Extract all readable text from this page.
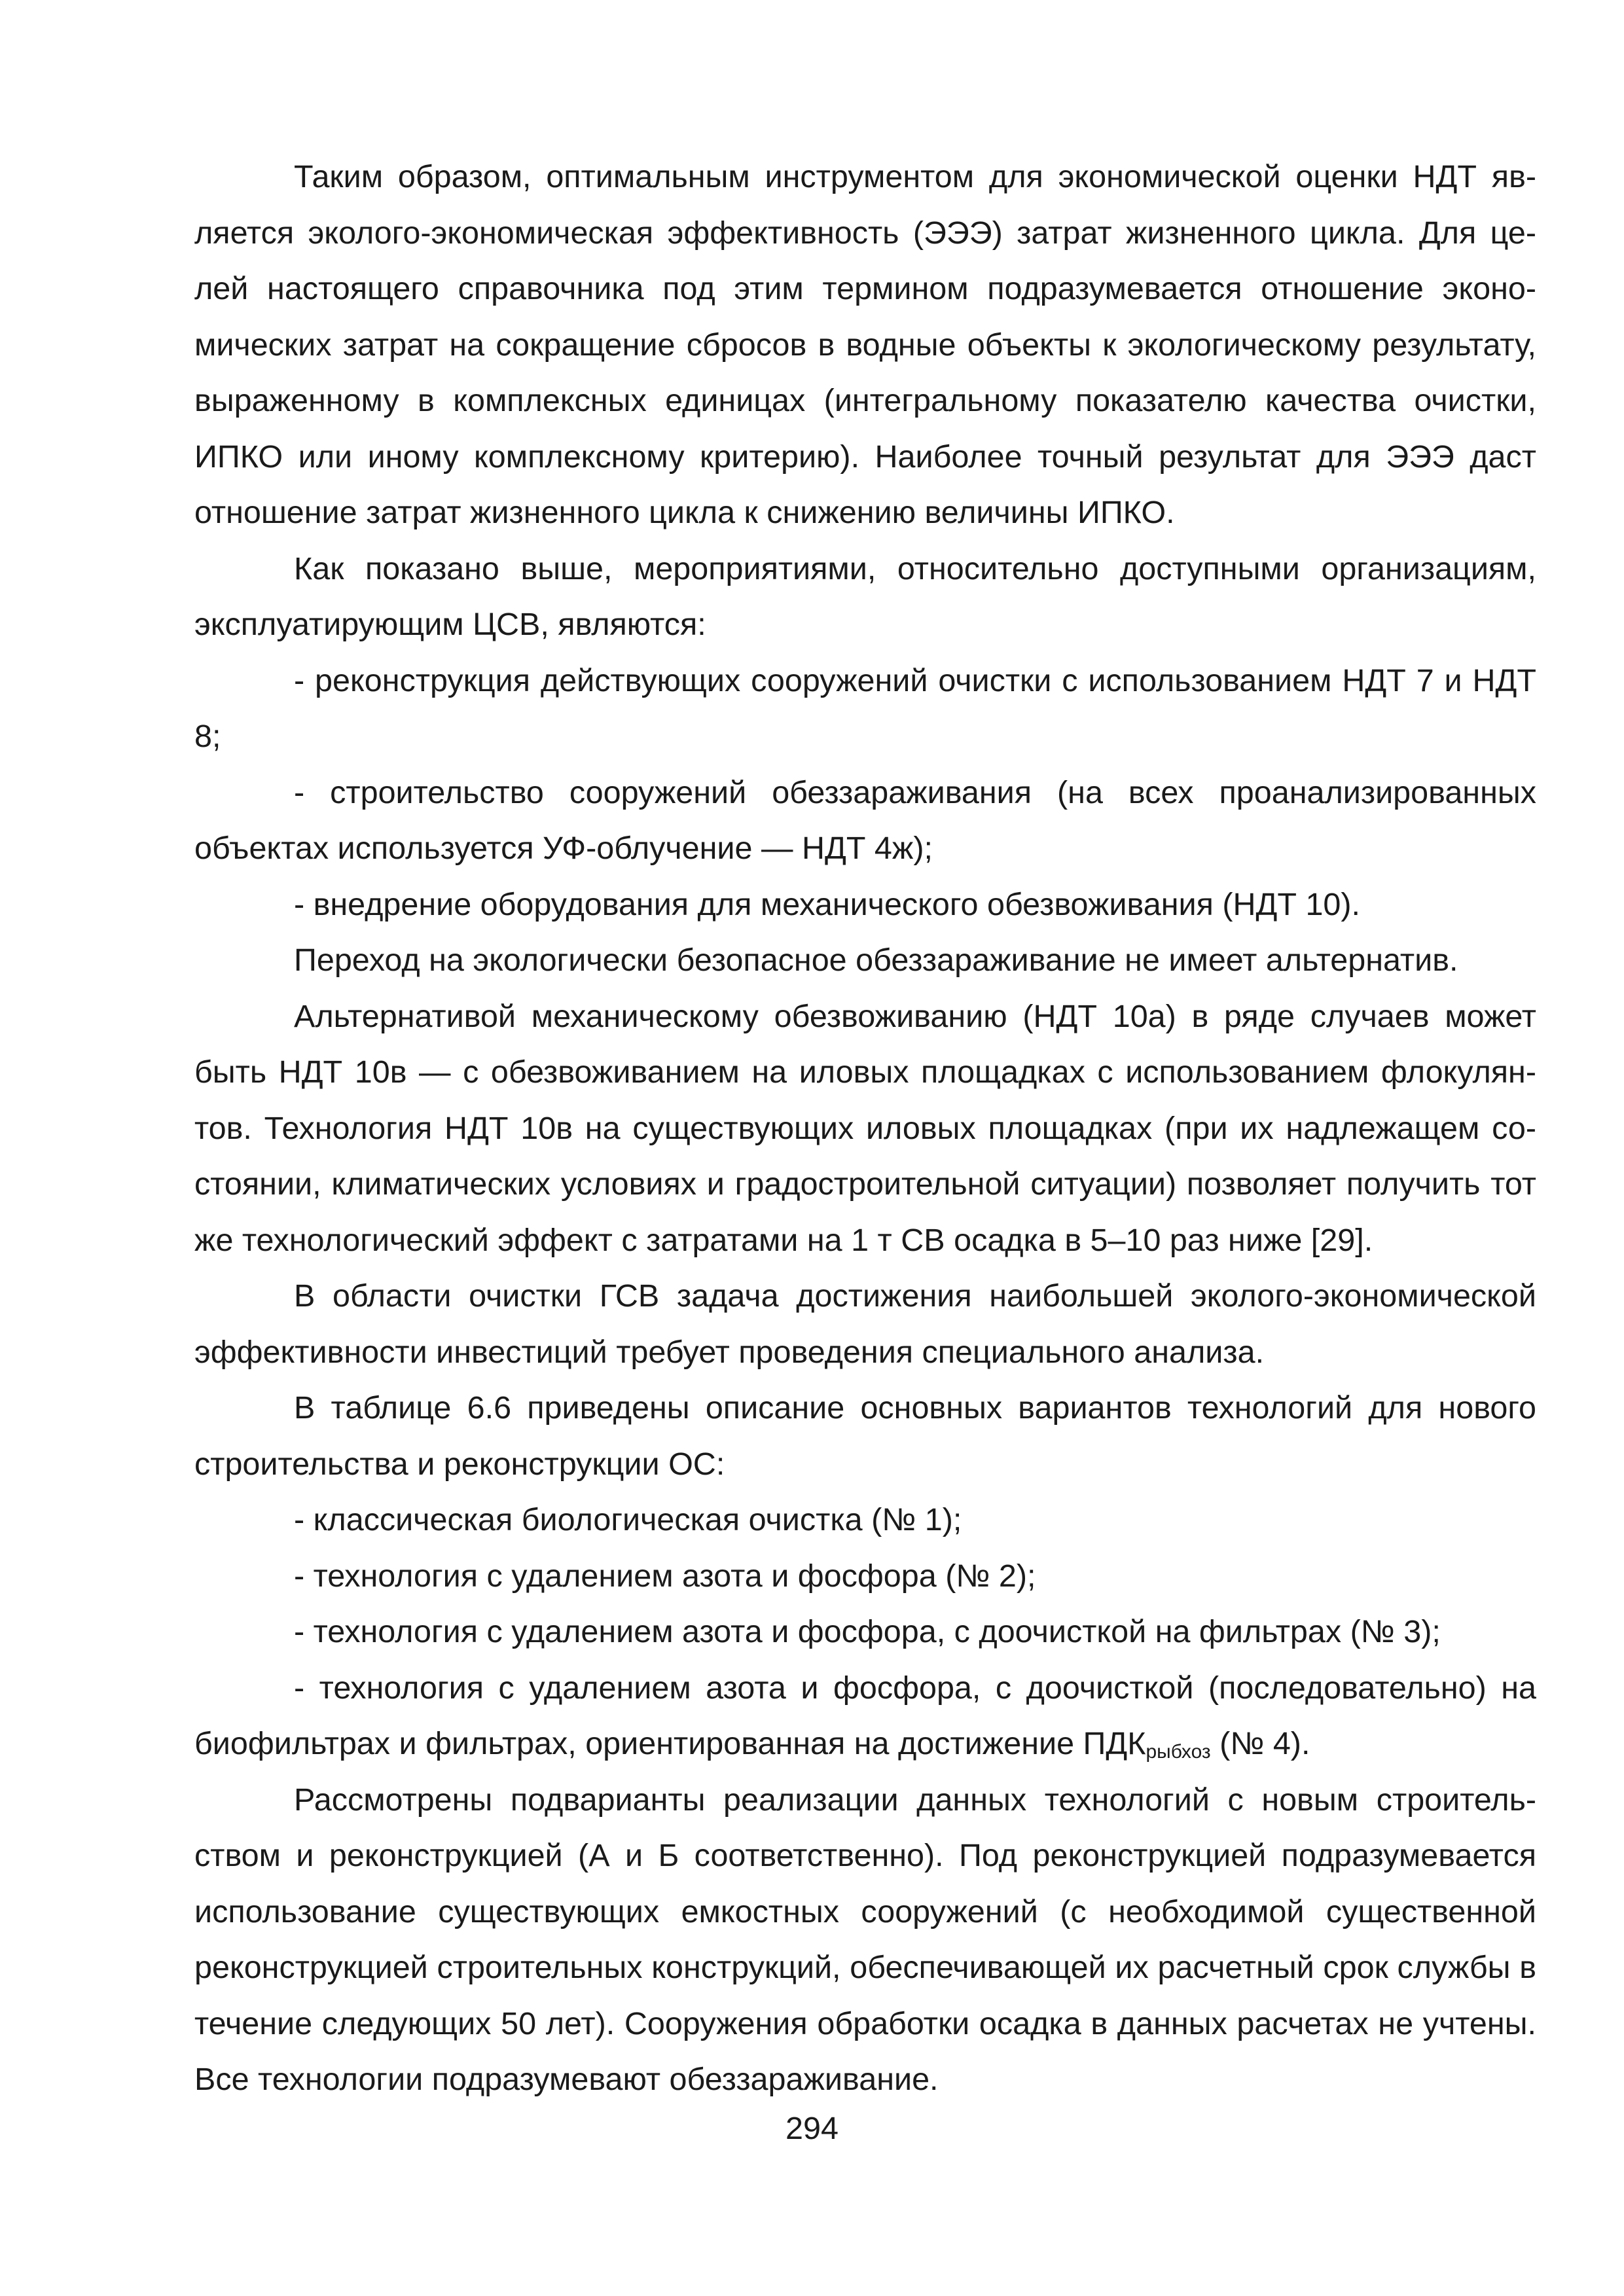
Таким образом, оптимальным инструментом для экономической оценки НДТ является эколого-экономическая эффективность (ЭЭЭ) затрат жизненного цикла. Для целей настоящего справочника под этим термином подразумевается отношение экономических затрат на сокращение сбросов в водные объекты к экологическому результату, выраженному в комплексных единицах (интегральному показателю качества очистки, ИПКО или иному комплексному критерию). Наиболее точный результат для ЭЭЭ даст отношение затрат жизненного цикла к снижению величины ИПКО.

Как показано выше, мероприятиями, относительно доступными организациям, эксплуатирующим ЦСВ, являются:

- реконструкция действующих сооружений очистки с использованием НДТ 7 и НДТ 8;

- строительство сооружений обеззараживания (на всех проанализированных объектах используется УФ-облучение — НДТ 4ж);

- внедрение оборудования для механического обезвоживания (НДТ 10).

Переход на экологически безопасное обеззараживание не имеет альтернатив.

Альтернативой механическому обезвоживанию (НДТ 10а) в ряде случаев может быть НДТ 10в — с обезвоживанием на иловых площадках с использованием флокулянтов. Технология НДТ 10в на существующих иловых площадках (при их надлежащем состоянии, климатических условиях и градостроительной ситуации) позволяет получить тот же технологический эффект с затратами на 1 т СВ осадка в 5–10 раз ниже [29].

В области очистки ГСВ задача достижения наибольшей эколого-экономической эффективности инвестиций требует проведения специального анализа.

В таблице 6.6 приведены описание основных вариантов технологий для нового строительства и реконструкции ОС:

- классическая биологическая очистка (№ 1);

- технология с удалением азота и фосфора (№ 2);

- технология с удалением азота и фосфора, с доочисткой на фильтрах (№ 3);

- технология с удалением азота и фосфора, с доочисткой (последовательно) на биофильтрах и фильтрах, ориентированная на достижение $ПДК_{рыбхоз}$ (№ 4).

Рассмотрены подварианты реализации данных технологий с новым строительством и реконструкцией (А и Б соответственно). Под реконструкцией подразумевается использование существующих емкостных сооружений (с необходимой существенной реконструкцией строительных конструкций, обеспечивающей их расчетный срок службы в течение следующих 50 лет). Сооружения обработки осадка в данных расчетах не учтены. Все технологии подразумевают обеззараживание.

294
